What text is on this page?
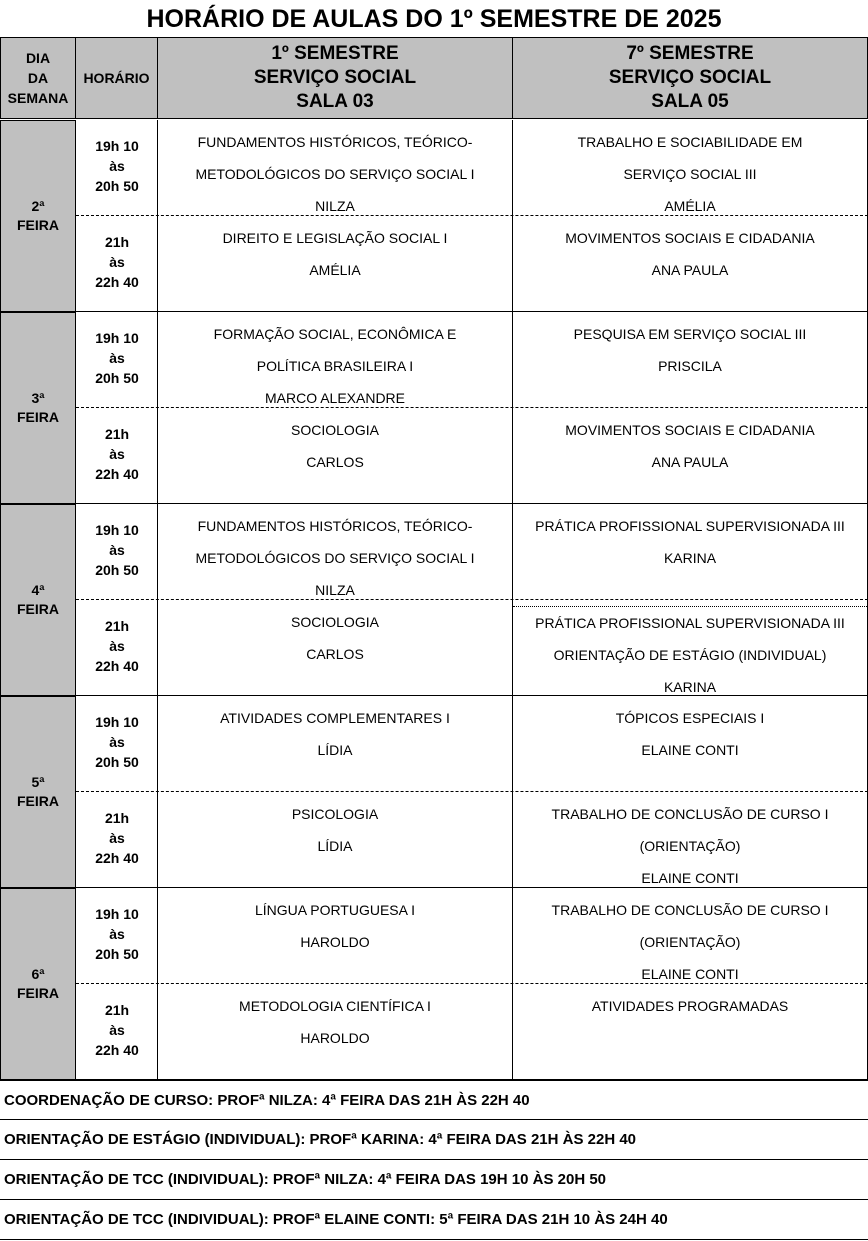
HORÁRIO DE AULAS DO 1º SEMESTRE DE 2025
DIA
DA
SEMANA
HORÁRIO
1º SEMESTRE
SERVIÇO SOCIAL
SALA 03
7º SEMESTRE
SERVIÇO SOCIAL
SALA 05
2ª
FEIRA
19h 10
às
20h 50
FUNDAMENTOS HISTÓRICOS, TEÓRICO-
METODOLÓGICOS DO SERVIÇO SOCIAL I
NILZA
TRABALHO E SOCIABILIDADE EM
SERVIÇO SOCIAL III
AMÉLIA
21h
às
22h 40
DIREITO E LEGISLAÇÃO SOCIAL I
AMÉLIA
MOVIMENTOS SOCIAIS E CIDADANIA
ANA PAULA
3ª
FEIRA
19h 10
às
20h 50
FORMAÇÃO SOCIAL, ECONÔMICA E
POLÍTICA BRASILEIRA I
MARCO ALEXANDRE
PESQUISA EM SERVIÇO SOCIAL III
PRISCILA
21h
às
22h 40
SOCIOLOGIA
CARLOS
MOVIMENTOS SOCIAIS E CIDADANIA
ANA PAULA
4ª
FEIRA
19h 10
às
20h 50
FUNDAMENTOS HISTÓRICOS, TEÓRICO-
METODOLÓGICOS DO SERVIÇO SOCIAL I
NILZA
PRÁTICA PROFISSIONAL SUPERVISIONADA III
KARINA
21h
às
22h 40
SOCIOLOGIA
CARLOS
PRÁTICA PROFISSIONAL SUPERVISIONADA III
ORIENTAÇÃO DE ESTÁGIO (INDIVIDUAL)
KARINA
5ª
FEIRA
19h 10
às
20h 50
ATIVIDADES COMPLEMENTARES I
LÍDIA
TÓPICOS ESPECIAIS I
ELAINE CONTI
21h
às
22h 40
PSICOLOGIA
LÍDIA
TRABALHO DE CONCLUSÃO DE CURSO I
(ORIENTAÇÃO)
ELAINE CONTI
6ª
FEIRA
19h 10
às
20h 50
LÍNGUA PORTUGUESA I
HAROLDO
TRABALHO DE CONCLUSÃO DE CURSO I
(ORIENTAÇÃO)
ELAINE CONTI
21h
às
22h 40
METODOLOGIA CIENTÍFICA I
HAROLDO
ATIVIDADES PROGRAMADAS
COORDENAÇÃO DE CURSO: PROFª NILZA: 4ª FEIRA DAS 21H ÀS 22H 40
ORIENTAÇÃO DE ESTÁGIO (INDIVIDUAL): PROFª KARINA: 4ª FEIRA DAS 21H ÀS 22H 40
ORIENTAÇÃO DE TCC (INDIVIDUAL): PROFª NILZA: 4ª FEIRA DAS 19H 10 ÀS 20H 50
ORIENTAÇÃO DE TCC (INDIVIDUAL): PROFª ELAINE CONTI: 5ª FEIRA DAS 21H 10 ÀS 24H 40
